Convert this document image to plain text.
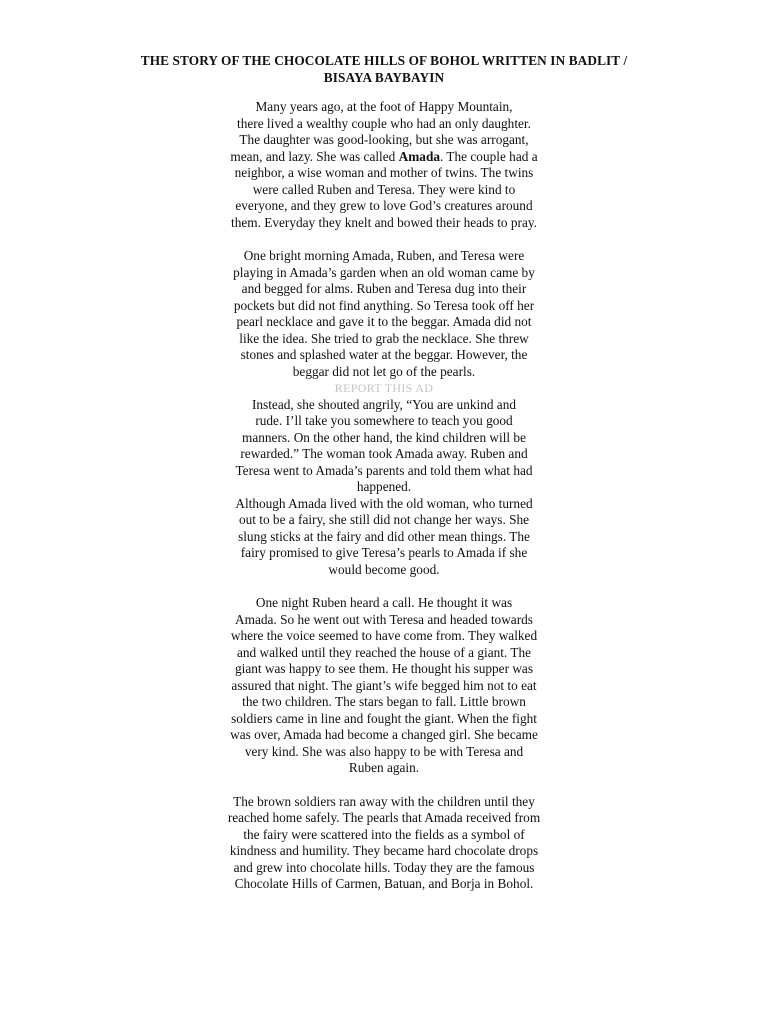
THE STORY OF THE CHOCOLATE HILLS OF BOHOL WRITTEN IN BADLIT /
BISAYA BAYBAYIN

Many years ago, at the foot of Happy Mountain,
there lived a wealthy couple who had an only daughter.
The daughter was good-looking, but she was arrogant,
mean, and lazy. She was called Amada. The couple had a
neighbor, a wise woman and mother of twins. The twins
were called Ruben and Teresa. They were kind to
everyone, and they grew to love God’s creatures around
them. Everyday they knelt and bowed their heads to pray.

One bright morning Amada, Ruben, and Teresa were
playing in Amada’s garden when an old woman came by
and begged for alms. Ruben and Teresa dug into their
pockets but did not find anything. So Teresa took off her
pearl necklace and gave it to the beggar. Amada did not
like the idea. She tried to grab the necklace. She threw
stones and splashed water at the beggar. However, the
beggar did not let go of the pearls.

REPORT THIS AD

Instead, she shouted angrily, “You are unkind and
rude. I’ll take you somewhere to teach you good
manners. On the other hand, the kind children will be
rewarded.” The woman took Amada away. Ruben and
Teresa went to Amada’s parents and told them what had
happened.
Although Amada lived with the old woman, who turned
out to be a fairy, she still did not change her ways. She
slung sticks at the fairy and did other mean things. The
fairy promised to give Teresa’s pearls to Amada if she
would become good.

One night Ruben heard a call. He thought it was
Amada. So he went out with Teresa and headed towards
where the voice seemed to have come from. They walked
and walked until they reached the house of a giant. The
giant was happy to see them. He thought his supper was
assured that night. The giant’s wife begged him not to eat
the two children. The stars began to fall. Little brown
soldiers came in line and fought the giant. When the fight
was over, Amada had become a changed girl. She became
very kind. She was also happy to be with Teresa and
Ruben again.

The brown soldiers ran away with the children until they
reached home safely. The pearls that Amada received from
the fairy were scattered into the fields as a symbol of
kindness and humility. They became hard chocolate drops
and grew into chocolate hills. Today they are the famous
Chocolate Hills of Carmen, Batuan, and Borja in Bohol.
